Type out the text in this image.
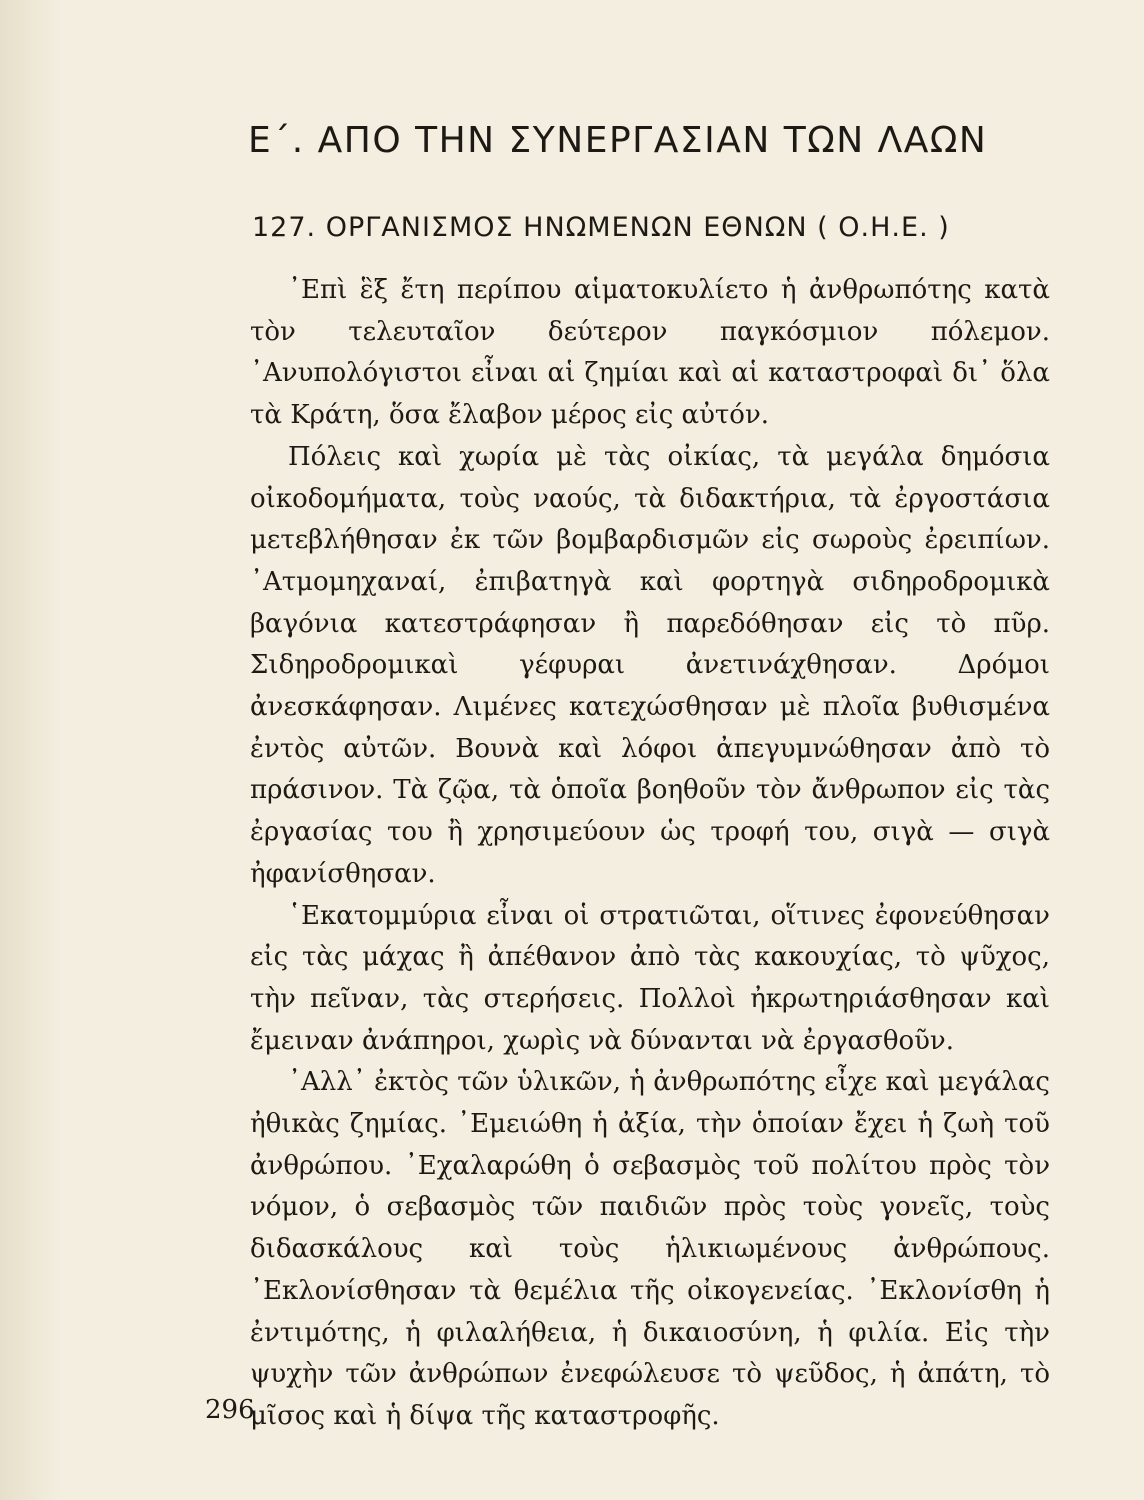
Ε΄. ΑΠΟ ΤΗΝ ΣΥΝΕΡΓΑΣΙΑΝ ΤΩΝ ΛΑΩΝ
127. ΟΡΓΑΝΙΣΜΟΣ ΗΝΩΜΕΝΩΝ ΕΘΝΩΝ ( Ο.Η.Ε. )

᾽Επὶ ἓξ ἔτη περίπου αἱματοκυλίετο ἡ ἀνθρωπότης κατὰ τὸν τελευταῖον δεύτερον παγκόσμιον πόλεμον. ᾽Ανυπολόγιστοι εἶναι αἱ ζημίαι καὶ αἱ καταστροφαὶ δι᾽ ὅλα τὰ Κράτη, ὅσα ἔλαβον μέρος εἰς αὐτόν.

Πόλεις καὶ χωρία μὲ τὰς οἰκίας, τὰ μεγάλα δημόσια οἰκοδομήματα, τοὺς ναούς, τὰ διδακτήρια, τὰ ἐργοστάσια μετεβλήθησαν ἐκ τῶν βομβαρδισμῶν εἰς σωροὺς ἐρειπίων. ᾽Ατμομηχαναί, ἐπιβατηγὰ καὶ φορτηγὰ σιδηροδρομικὰ βαγόνια κατεστράφησαν ἢ παρεδόθησαν εἰς τὸ πῦρ. Σιδηροδρομικαὶ γέφυραι ἀνετινάχθησαν. Δρόμοι ἀνεσκάφησαν. Λιμένες κατεχώσθησαν μὲ πλοῖα βυθισμένα ἐντὸς αὐτῶν. Βουνὰ καὶ λόφοι ἀπεγυμνώθησαν ἀπὸ τὸ πράσινον. Τὰ ζῷα, τὰ ὁποῖα βοηθοῦν τὸν ἄνθρωπον εἰς τὰς ἐργασίας του ἢ χρησιμεύουν ὡς τροφή του, σιγὰ — σιγὰ ἠφανίσθησαν.

῾Εκατομμύρια εἶναι οἱ στρατιῶται, οἵτινες ἐφονεύθησαν εἰς τὰς μάχας ἢ ἀπέθανον ἀπὸ τὰς κακουχίας, τὸ ψῦχος, τὴν πεῖναν, τὰς στερήσεις. Πολλοὶ ἠκρωτηριάσθησαν καὶ ἔμειναν ἀνάπηροι, χωρὶς νὰ δύνανται νὰ ἐργασθοῦν.

᾽Αλλ᾽ ἐκτὸς τῶν ὑλικῶν, ἡ ἀνθρωπότης εἶχε καὶ μεγάλας ἠθικὰς ζημίας. ᾽Εμειώθη ἡ ἀξία, τὴν ὁποίαν ἔχει ἡ ζωὴ τοῦ ἀνθρώπου. ᾽Εχαλαρώθη ὁ σεβασμὸς τοῦ πολίτου πρὸς τὸν νόμον, ὁ σεβασμὸς τῶν παιδιῶν πρὸς τοὺς γονεῖς, τοὺς διδασκάλους καὶ τοὺς ἡλικιωμένους ἀνθρώπους. ᾽Εκλονίσθησαν τὰ θεμέλια τῆς οἰκογενείας. ᾽Εκλονίσθη ἡ ἐντιμότης, ἡ φιλαλήθεια, ἡ δικαιοσύνη, ἡ φιλία. Εἰς τὴν ψυχὴν τῶν ἀνθρώπων ἐνεφώλευσε τὸ ψεῦδος, ἡ ἀπάτη, τὸ μῖσος καὶ ἡ δίψα τῆς καταστροφῆς.

296
